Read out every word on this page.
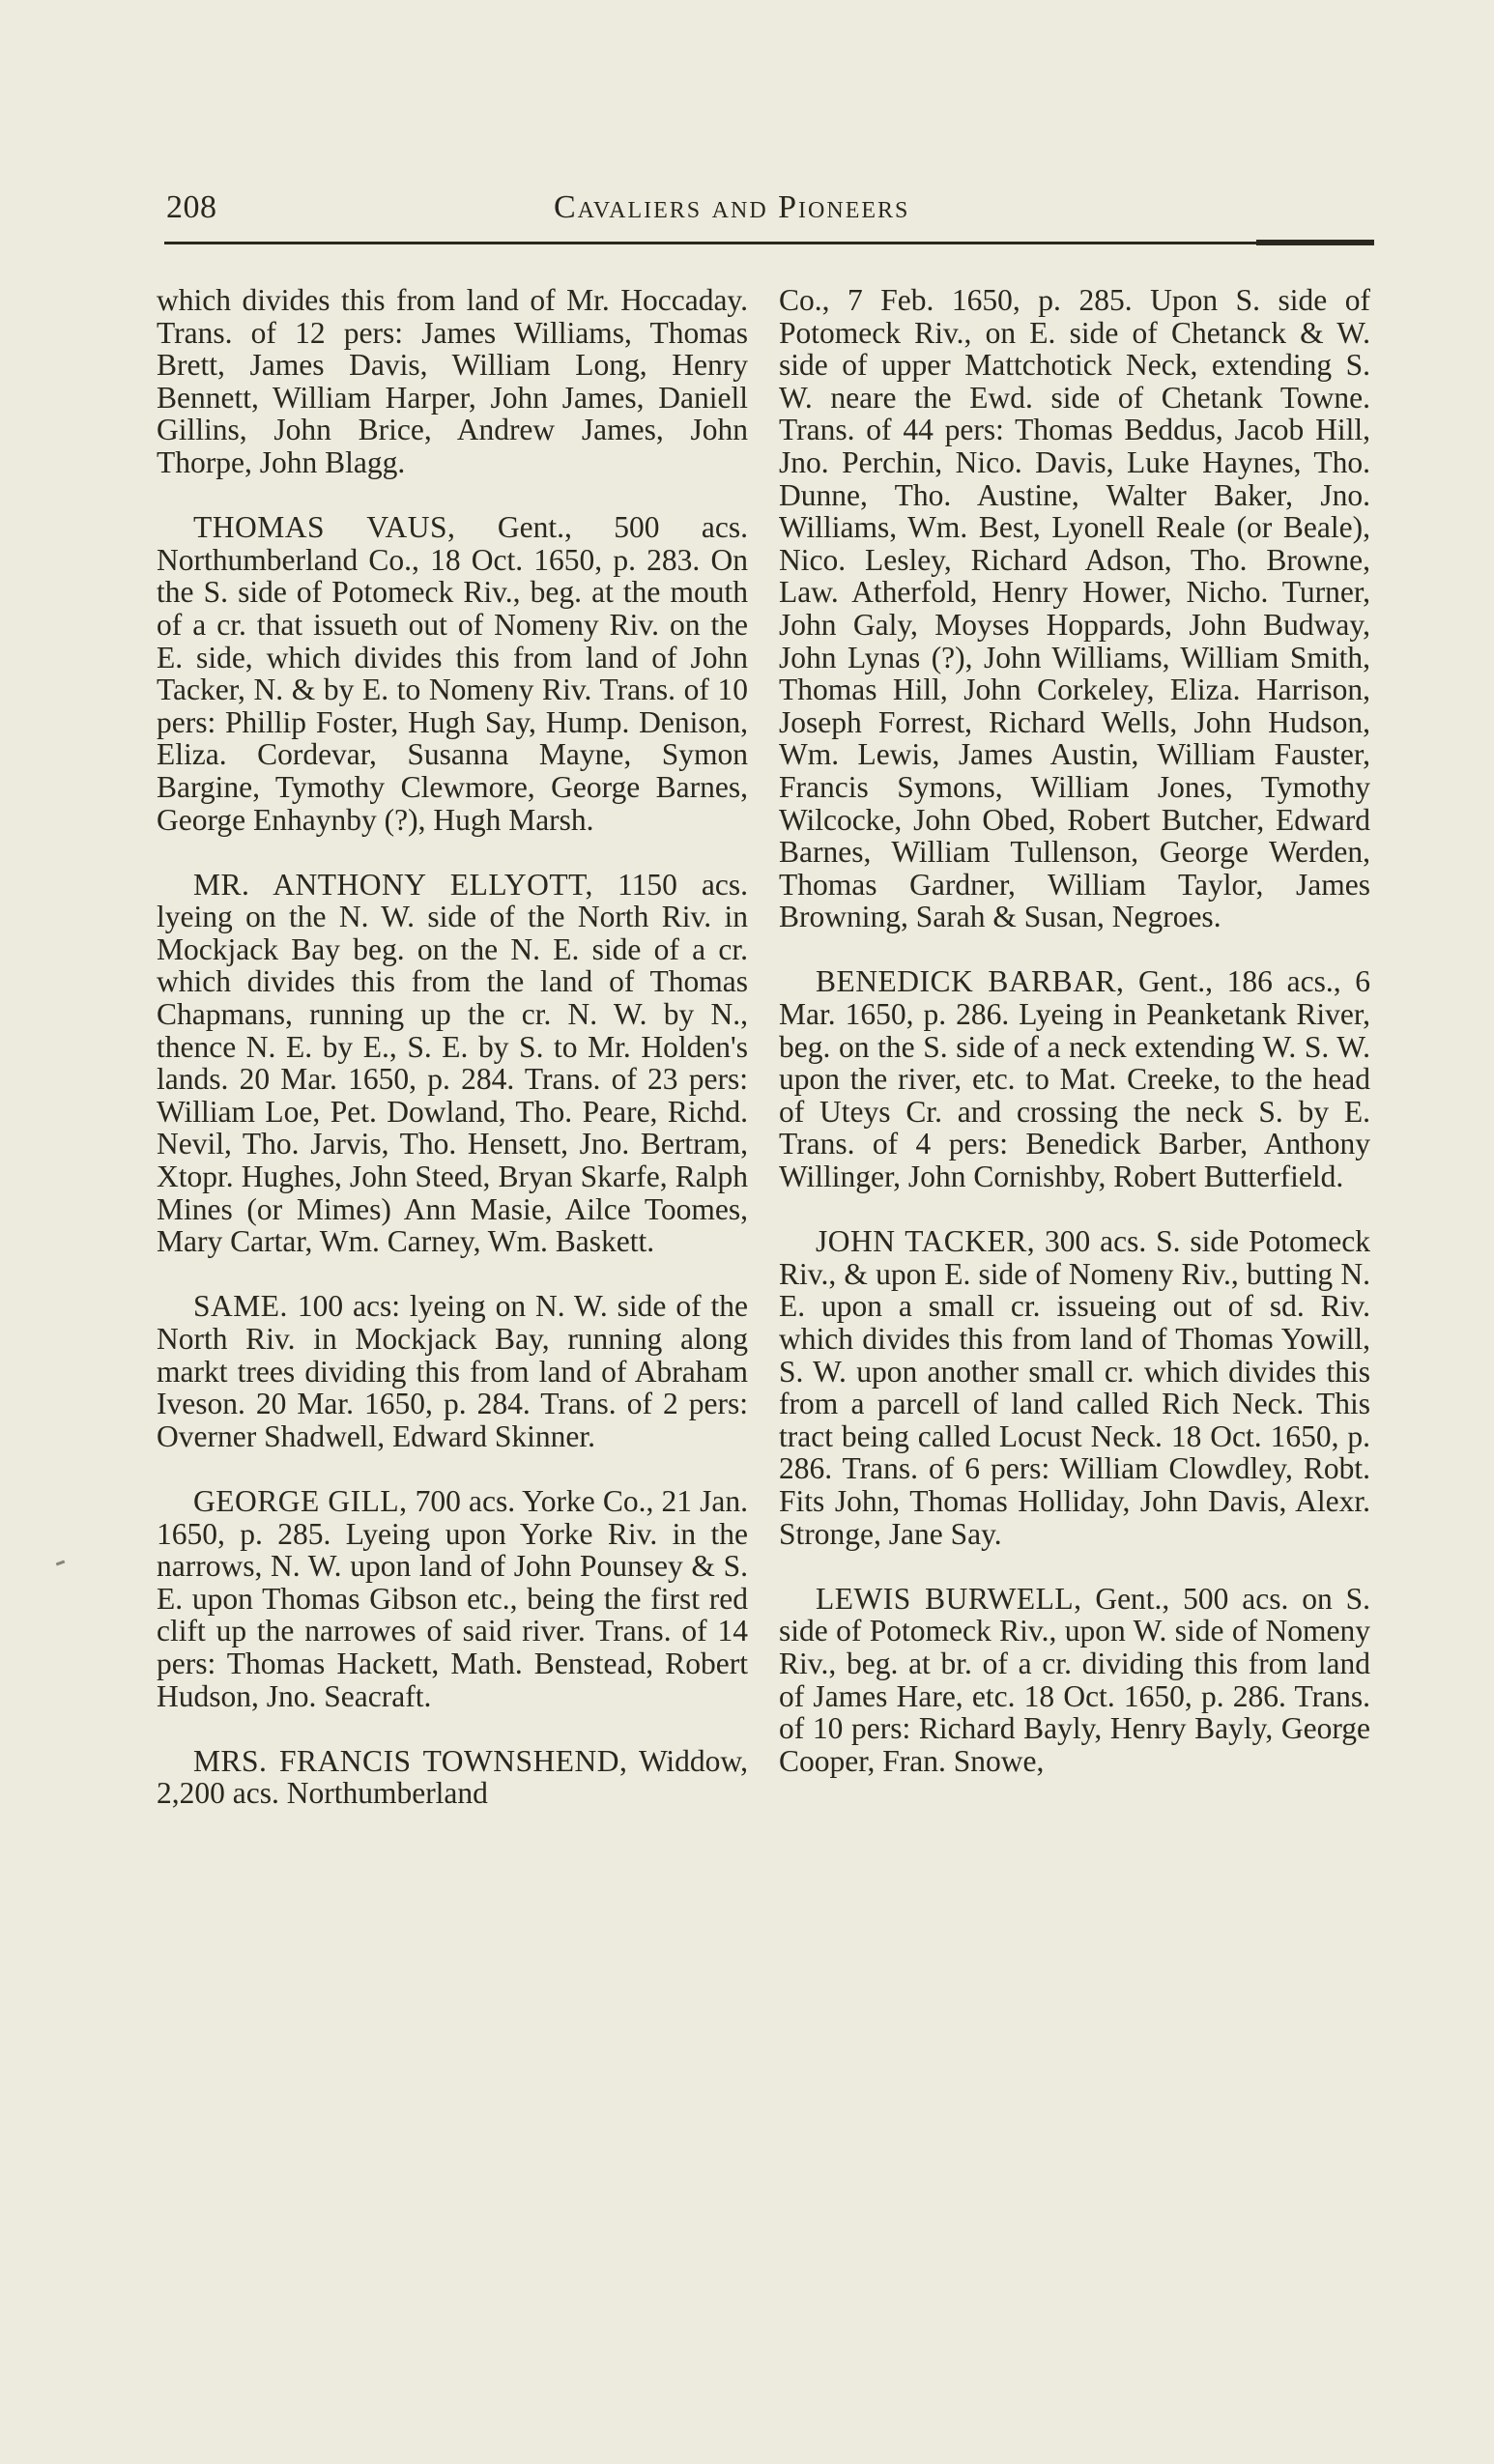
208	Cavaliers and Pioneers

which divides this from land of Mr. Hoccaday. Trans. of 12 pers: James Williams, Thomas Brett, James Davis, William Long, Henry Bennett, William Harper, John James, Daniell Gillins, John Brice, Andrew James, John Thorpe, John Blagg.

THOMAS VAUS, Gent., 500 acs. Northumberland Co., 18 Oct. 1650, p. 283. On the S. side of Potomeck Riv., beg. at the mouth of a cr. that issueth out of Nomeny Riv. on the E. side, which divides this from land of John Tacker, N. & by E. to Nomeny Riv. Trans. of 10 pers: Phillip Foster, Hugh Say, Hump. Denison, Eliza. Cordevar, Susanna Mayne, Symon Bargine, Tymothy Clewmore, George Barnes, George Enhaynby (?), Hugh Marsh.

MR. ANTHONY ELLYOTT, 1150 acs. lyeing on the N. W. side of the North Riv. in Mockjack Bay beg. on the N. E. side of a cr. which divides this from the land of Thomas Chapmans, running up the cr. N. W. by N., thence N. E. by E., S. E. by S. to Mr. Holden's lands. 20 Mar. 1650, p. 284. Trans. of 23 pers: William Loe, Pet. Dowland, Tho. Peare, Richd. Nevil, Tho. Jarvis, Tho. Hensett, Jno. Bertram, Xtopr. Hughes, John Steed, Bryan Skarfe, Ralph Mines (or Mimes) Ann Masie, Ailce Toomes, Mary Cartar, Wm. Carney, Wm. Baskett.

SAME. 100 acs: lyeing on N. W. side of the North Riv. in Mockjack Bay, running along markt trees dividing this from land of Abraham Iveson. 20 Mar. 1650, p. 284. Trans. of 2 pers: Overner Shadwell, Edward Skinner.

GEORGE GILL, 700 acs. Yorke Co., 21 Jan. 1650, p. 285. Lyeing upon Yorke Riv. in the narrows, N. W. upon land of John Pounsey & S. E. upon Thomas Gibson etc., being the first red clift up the narrowes of said river. Trans. of 14 pers: Thomas Hackett, Math. Benstead, Robert Hudson, Jno. Seacraft.

MRS. FRANCIS TOWNSHEND, Widdow, 2,200 acs. Northumberland

Co., 7 Feb. 1650, p. 285. Upon S. side of Potomeck Riv., on E. side of Chetanck & W. side of upper Mattchotick Neck, extending S. W. neare the Ewd. side of Chetank Towne. Trans. of 44 pers: Thomas Beddus, Jacob Hill, Jno. Perchin, Nico. Davis, Luke Haynes, Tho. Dunne, Tho. Austine, Walter Baker, Jno. Williams, Wm. Best, Lyonell Reale (or Beale), Nico. Lesley, Richard Adson, Tho. Browne, Law. Atherfold, Henry Hower, Nicho. Turner, John Galy, Moyses Hoppards, John Budway, John Lynas (?), John Williams, William Smith, Thomas Hill, John Corkeley, Eliza. Harrison, Joseph Forrest, Richard Wells, John Hudson, Wm. Lewis, James Austin, William Fauster, Francis Symons, William Jones, Tymothy Wilcocke, John Obed, Robert Butcher, Edward Barnes, William Tullenson, George Werden, Thomas Gardner, William Taylor, James Browning, Sarah & Susan, Negroes.

BENEDICK BARBAR, Gent., 186 acs., 6 Mar. 1650, p. 286. Lyeing in Peanketank River, beg. on the S. side of a neck extending W. S. W. upon the river, etc. to Mat. Creeke, to the head of Uteys Cr. and crossing the neck S. by E. Trans. of 4 pers: Benedick Barber, Anthony Willinger, John Cornishby, Robert Butterfield.

JOHN TACKER, 300 acs. S. side Potomeck Riv., & upon E. side of Nomeny Riv., butting N. E. upon a small cr. issueing out of sd. Riv. which divides this from land of Thomas Yowill, S. W. upon another small cr. which divides this from a parcell of land called Rich Neck. This tract being called Locust Neck. 18 Oct. 1650, p. 286. Trans. of 6 pers: William Clowdley, Robt. Fits John, Thomas Holliday, John Davis, Alexr. Stronge, Jane Say.

LEWIS BURWELL, Gent., 500 acs. on S. side of Potomeck Riv., upon W. side of Nomeny Riv., beg. at br. of a cr. dividing this from land of James Hare, etc. 18 Oct. 1650, p. 286. Trans. of 10 pers: Richard Bayly, Henry Bayly, George Cooper, Fran. Snowe,
